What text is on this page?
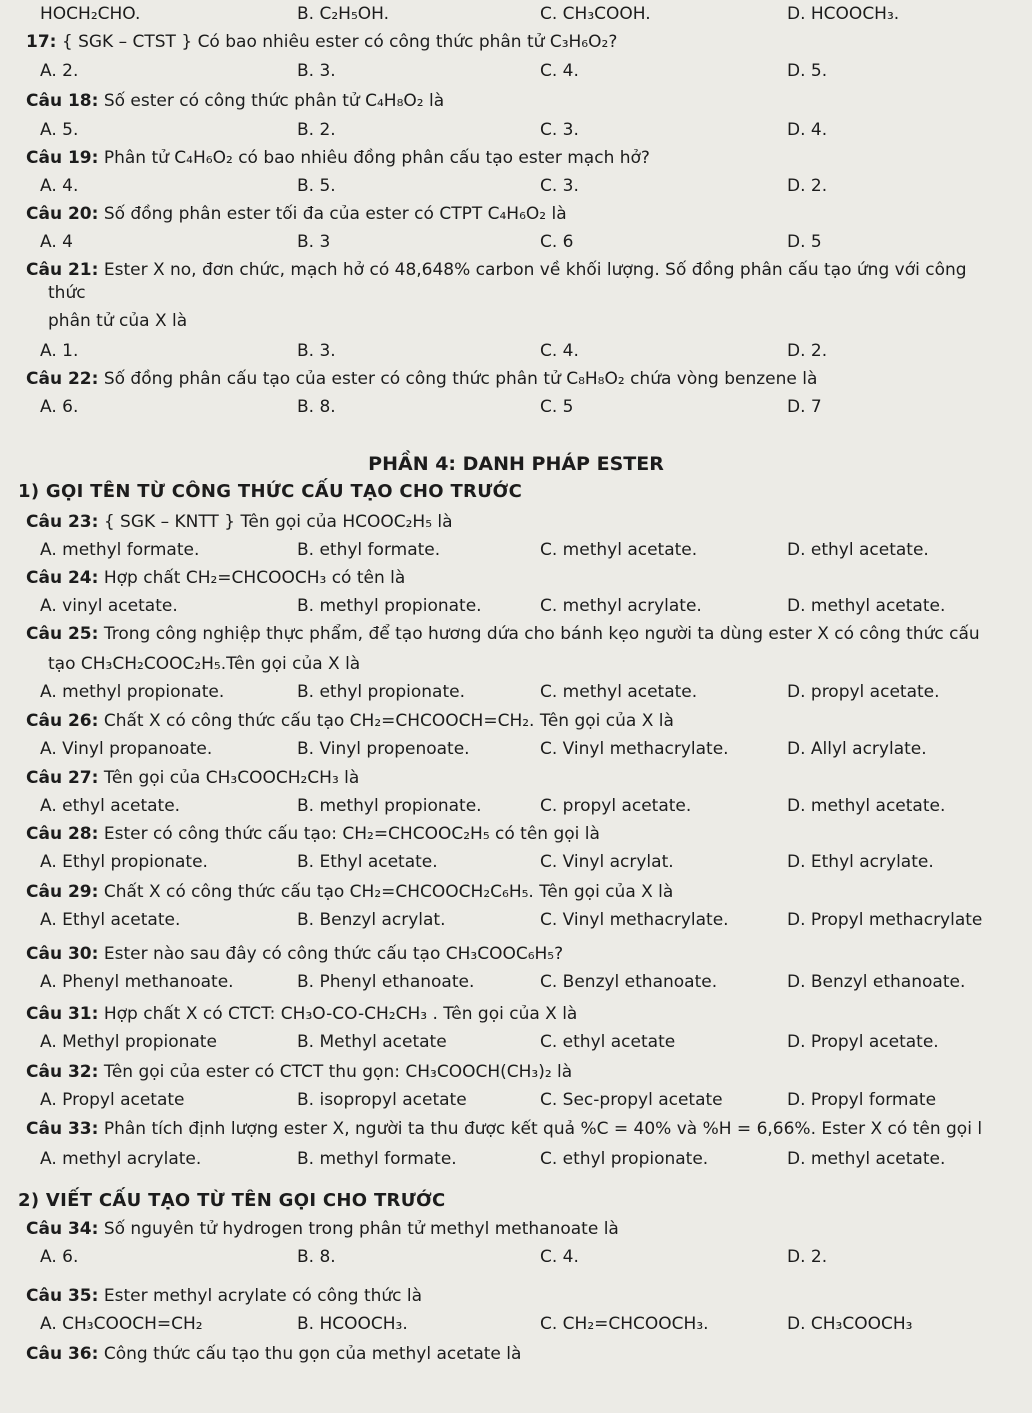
HOCH₂CHO.	B. C₂H₅OH.	C. CH₃COOH.	D. HCOOCH₃.
17: { SGK – CTST } Có bao nhiêu ester có công thức phân tử C₃H₆O₂?
A. 2.	B. 3.	C. 4.	D. 5.
Câu 18: Số ester có công thức phân tử C₄H₈O₂ là
A. 5.	B. 2.	C. 3.	D. 4.
Câu 19: Phân tử C₄H₆O₂ có bao nhiêu đồng phân cấu tạo ester mạch hở?
A. 4.	B. 5.	C. 3.	D. 2.
Câu 20: Số đồng phân ester tối đa của ester có CTPT C₄H₆O₂ là
A. 4	B. 3	C. 6	D. 5
Câu 21: Ester X no, đơn chức, mạch hở có 48,648% carbon về khối lượng. Số đồng phân cấu tạo ứng với công
thức
phân tử của X là
A. 1.	B. 3.	C. 4.	D. 2.
Câu 22: Số đồng phân cấu tạo của ester có công thức phân tử C₈H₈O₂ chứa vòng benzene là
A. 6.	B. 8.	C. 5	D. 7
PHẦN 4: DANH PHÁP ESTER
1) GỌI TÊN TỪ CÔNG THỨC CẤU TẠO CHO TRƯỚC
Câu 23: { SGK – KNTT } Tên gọi của HCOOC₂H₅ là
A. methyl formate.	B. ethyl formate.	C. methyl acetate.	D. ethyl acetate.
Câu 24: Hợp chất CH₂=CHCOOCH₃ có tên là
A. vinyl acetate.	B. methyl propionate.	C. methyl acrylate.	D. methyl acetate.
Câu 25: Trong công nghiệp thực phẩm, để tạo hương dứa cho bánh kẹo người ta dùng ester X có công thức cấu
tạo CH₃CH₂COOC₂H₅.Tên gọi của X là
A. methyl propionate.	B. ethyl propionate.	C. methyl acetate.	D. propyl acetate.
Câu 26: Chất X có công thức cấu tạo CH₂=CHCOOCH=CH₂. Tên gọi của X là
A. Vinyl propanoate.	B. Vinyl propenoate.	C. Vinyl methacrylate.	D. Allyl acrylate.
Câu 27: Tên gọi của CH₃COOCH₂CH₃ là
A. ethyl acetate.	B. methyl propionate.	C. propyl acetate.	D. methyl acetate.
Câu 28: Ester có công thức cấu tạo: CH₂=CHCOOC₂H₅ có tên gọi là
A. Ethyl propionate.	B. Ethyl acetate.	C. Vinyl acrylat.	D. Ethyl acrylate.
Câu 29: Chất X có công thức cấu tạo CH₂=CHCOOCH₂C₆H₅. Tên gọi của X là
A. Ethyl acetate.	B. Benzyl acrylat.	C. Vinyl methacrylate.	D. Propyl methacrylate
Câu 30: Ester nào sau đây có công thức cấu tạo CH₃COOC₆H₅?
A. Phenyl methanoate.	B. Phenyl ethanoate.	C. Benzyl ethanoate.	D. Benzyl ethanoate.
Câu 31: Hợp chất X có CTCT: CH₃O-CO-CH₂CH₃ . Tên gọi của X là
A. Methyl propionate	B. Methyl acetate	C. ethyl acetate	D. Propyl acetate.
Câu 32: Tên gọi của ester có CTCT thu gọn: CH₃COOCH(CH₃)₂ là
A. Propyl acetate	B. isopropyl acetate	C. Sec-propyl acetate	D. Propyl formate
Câu 33: Phân tích định lượng ester X, người ta thu được kết quả %C = 40% và %H = 6,66%. Ester X có tên gọi l
A. methyl acrylate.	B. methyl formate.	C. ethyl propionate.	D. methyl acetate.
2) VIẾT CẤU TẠO TỪ TÊN GỌI CHO TRƯỚC
Câu 34: Số nguyên tử hydrogen trong phân tử methyl methanoate là
A. 6.	B. 8.	C. 4.	D. 2.
Câu 35: Ester methyl acrylate có công thức là
A. CH₃COOCH=CH₂	B. HCOOCH₃.	C. CH₂=CHCOOCH₃.	D. CH₃COOCH₃
Câu 36: Công thức cấu tạo thu gọn của methyl acetate là
